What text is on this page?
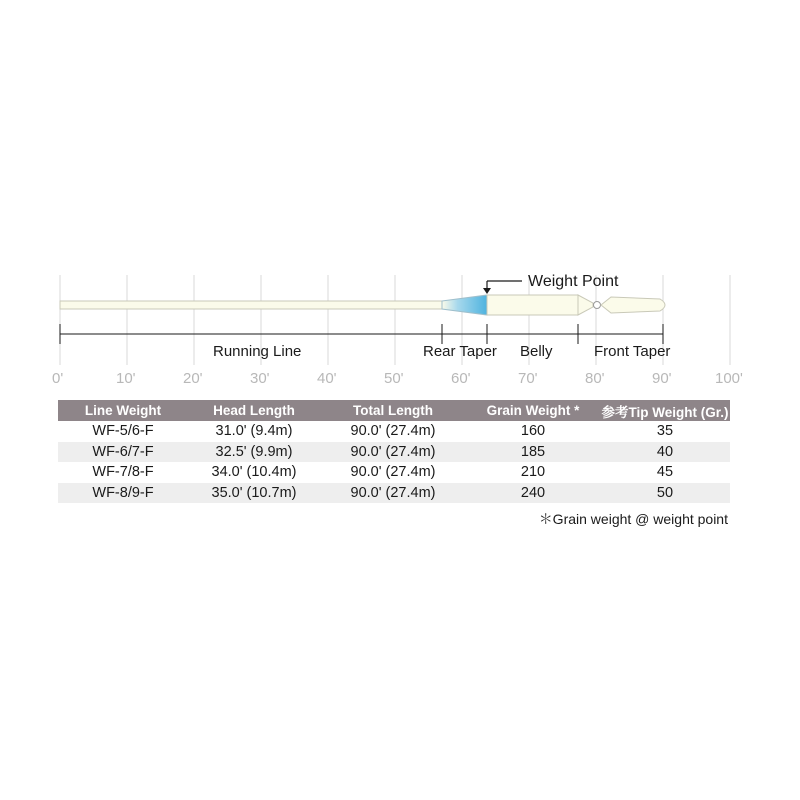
Weight Point
Running Line	Rear Taper Belly	Front Taper
0'	10'	20'	30'	40'	50'	60'	70'	80'	90'	100'
Line Weight	Head Length	Total Length	Grain Weight *	参考Tip Weight (Gr.)
WF-5/6-F	31.0' (9.4m)	90.0' (27.4m)	160	35
WF-6/7-F	32.5' (9.9m)	90.0' (27.4m)	185	40
WF-7/8-F	34.0' (10.4m)	90.0' (27.4m)	210	45
WF-8/9-F	35.0' (10.7m)	90.0' (27.4m)	240	50
＊Grain weight @ weight point
